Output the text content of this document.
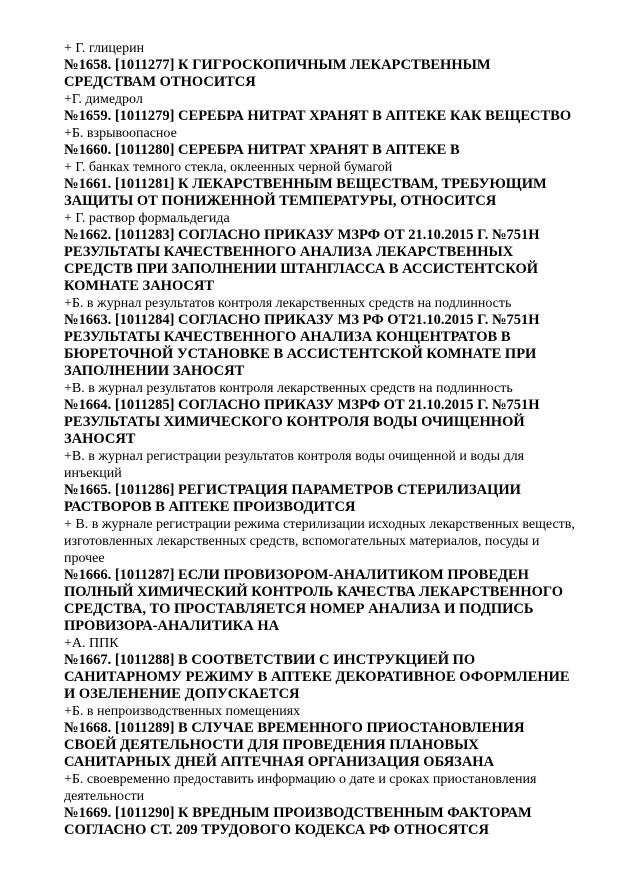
+ Г. глицерин
№1658. [1011277] К ГИГРОСКОПИЧНЫМ ЛЕКАРСТВЕННЫМ СРЕДСТВАМ ОТНОСИТСЯ
+Г. димедрол
№1659. [1011279] СЕРЕБРА НИТРАТ ХРАНЯТ В АПТЕКЕ КАК ВЕЩЕСТВО
+Б. взрывоопасное
№1660. [1011280] СЕРЕБРА НИТРАТ ХРАНЯТ В АПТЕКЕ В
+ Г. банках темного стекла, оклеенных черной бумагой
№1661. [1011281] К ЛЕКАРСТВЕННЫМ ВЕЩЕСТВАМ, ТРЕБУЮЩИМ ЗАЩИТЫ ОТ ПОНИЖЕННОЙ ТЕМПЕРАТУРЫ, ОТНОСИТСЯ
+ Г. раствор формальдегида
№1662. [1011283] СОГЛАСНО ПРИКАЗУ МЗРФ ОТ 21.10.2015 Г. №751Н РЕЗУЛЬТАТЫ КАЧЕСТВЕННОГО АНАЛИЗА ЛЕКАРСТВЕННЫХ СРЕДСТВ ПРИ ЗАПОЛНЕНИИ ШТАНГЛАССА В АССИСТЕНТСКОЙ КОМНАТЕ ЗАНОСЯТ
+Б. в журнал результатов контроля лекарственных средств на подлинность
№1663. [1011284] СОГЛАСНО ПРИКАЗУ МЗ РФ ОТ21.10.2015 Г. №751Н РЕЗУЛЬТАТЫ КАЧЕСТВЕННОГО АНАЛИЗА КОНЦЕНТРАТОВ В БЮРЕТОЧНОЙ УСТАНОВКЕ В АССИСТЕНТСКОЙ КОМНАТЕ ПРИ ЗАПОЛНЕНИИ ЗАНОСЯТ
+В. в журнал результатов контроля лекарственных средств на подлинность
№1664. [1011285] СОГЛАСНО ПРИКАЗУ МЗРФ ОТ 21.10.2015 Г. №751Н РЕЗУЛЬТАТЫ ХИМИЧЕСКОГО КОНТРОЛЯ ВОДЫ ОЧИЩЕННОЙ ЗАНОСЯТ
+В. в журнал регистрации результатов контроля воды очищенной и воды для инъекций
№1665. [1011286] РЕГИСТРАЦИЯ ПАРАМЕТРОВ СТЕРИЛИЗАЦИИ РАСТВОРОВ В АПТЕКЕ ПРОИЗВОДИТСЯ
+ В. в журнале регистрации режима стерилизации исходных лекарственных веществ, изготовленных лекарственных средств, вспомогательных материалов, посуды и прочее
№1666. [1011287] ЕСЛИ ПРОВИЗОРОМ-АНАЛИТИКОМ ПРОВЕДЕН ПОЛНЫЙ ХИМИЧЕСКИЙ КОНТРОЛЬ КАЧЕСТВА ЛЕКАРСТВЕННОГО СРЕДСТВА, ТО ПРОСТАВЛЯЕТСЯ НОМЕР АНАЛИЗА И ПОДПИСЬ ПРОВИЗОРА-АНАЛИТИКА НА
+А. ППК
№1667. [1011288] В СООТВЕТСТВИИ С ИНСТРУКЦИЕЙ ПО САНИТАРНОМУ РЕЖИМУ В АПТЕКЕ ДЕКОРАТИВНОЕ ОФОРМЛЕНИЕ И ОЗЕЛЕНЕНИЕ ДОПУСКАЕТСЯ
+Б. в непроизводственных помещениях
№1668. [1011289] В СЛУЧАЕ ВРЕМЕННОГО ПРИОСТАНОВЛЕНИЯ СВОЕЙ ДЕЯТЕЛЬНОСТИ ДЛЯ ПРОВЕДЕНИЯ ПЛАНОВЫХ САНИТАРНЫХ ДНЕЙ АПТЕЧНАЯ ОРГАНИЗАЦИЯ ОБЯЗАНА
+Б. своевременно предоставить информацию о дате и сроках приостановления деятельности
№1669. [1011290] К ВРЕДНЫМ ПРОИЗВОДСТВЕННЫМ ФАКТОРАМ СОГЛАСНО СТ. 209 ТРУДОВОГО КОДЕКСА РФ ОТНОСЯТСЯ
